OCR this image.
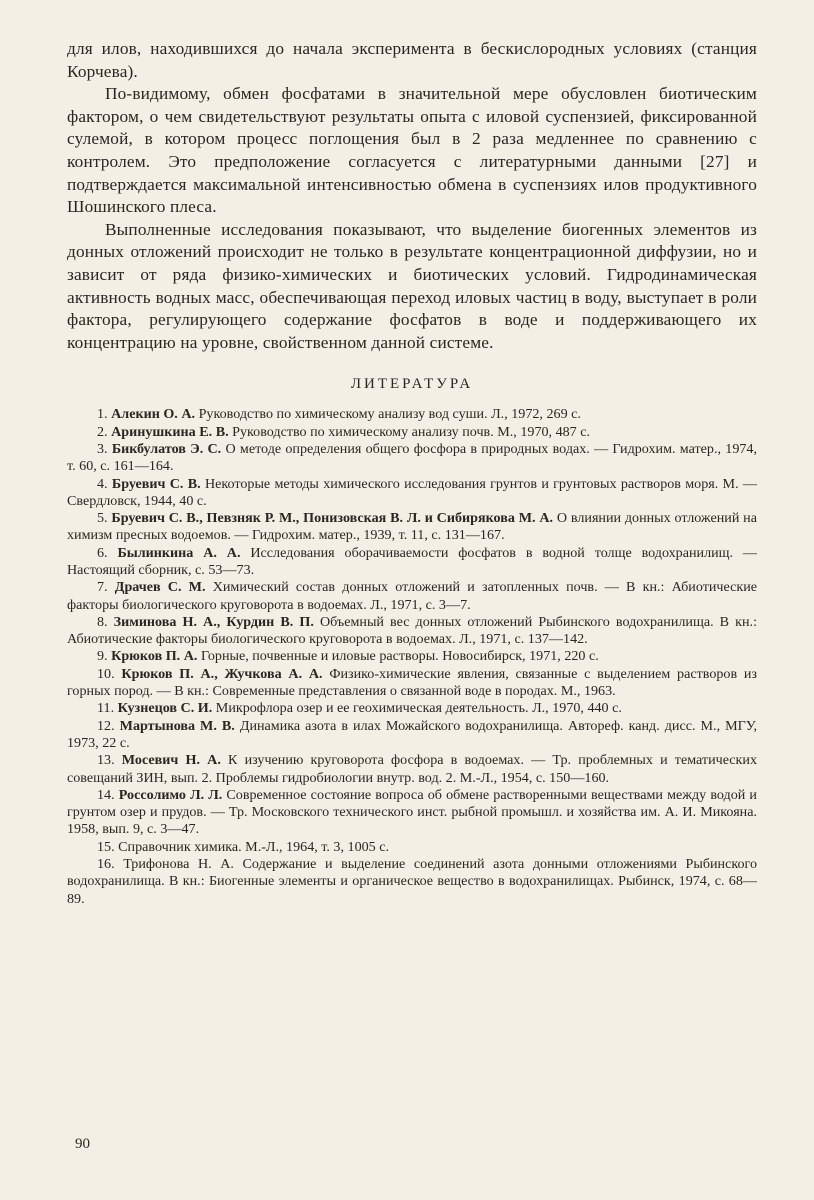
для илов, находившихся до начала эксперимента в бескислородных условиях (станция Корчева).

По-видимому, обмен фосфатами в значительной мере обусловлен биотическим фактором, о чем свидетельствуют результаты опыта с иловой суспензией, фиксированной сулемой, в котором процесс поглощения был в 2 раза медленнее по сравнению с контролем. Это предположение согласуется с литературными данными [27] и подтверждается максимальной интенсивностью обмена в суспензиях илов продуктивного Шошинского плеса.

Выполненные исследования показывают, что выделение биогенных элементов из донных отложений происходит не только в результате концентрационной диффузии, но и зависит от ряда физико-химических и биотических условий. Гидродинамическая активность водных масс, обеспечивающая переход иловых частиц в воду, выступает в роли фактора, регулирующего содержание фосфатов в воде и поддерживающего их концентрацию на уровне, свойственном данной системе.

ЛИТЕРАТУРА

1. Алекин О. А. Руководство по химическому анализу вод суши. Л., 1972, 269 с.

2. Аринушкина Е. В. Руководство по химическому анализу почв. М., 1970, 487 с.

3. Бикбулатов Э. С. О методе определения общего фосфора в природных водах. — Гидрохим. матер., 1974, т. 60, с. 161—164.

4. Бруевич С. В. Некоторые методы химического исследования грунтов и грунтовых растворов моря. М. — Свердловск, 1944, 40 с.

5. Бруевич С. В., Певзняк Р. М., Понизовская В. Л. и Сибирякова М. А. О влиянии донных отложений на химизм пресных водоемов. — Гидрохим. матер., 1939, т. 11, с. 131—167.

6. Былинкина А. А. Исследования оборачиваемости фосфатов в водной толще водохранилищ. — Настоящий сборник, с. 53—73.

7. Драчев С. М. Химический состав донных отложений и затопленных почв. — В кн.: Абиотические факторы биологического круговорота в водоемах. Л., 1971, с. 3—7.

8. Зиминова Н. А., Курдин В. П. Объемный вес донных отложений Рыбинского водохранилища. В кн.: Абиотические факторы биологического круговорота в водоемах. Л., 1971, с. 137—142.

9. Крюков П. А. Горные, почвенные и иловые растворы. Новосибирск, 1971, 220 с.

10. Крюков П. А., Жучкова А. А. Физико-химические явления, связанные с выделением растворов из горных пород. — В кн.: Современные представления о связанной воде в породах. М., 1963.

11. Кузнецов С. И. Микрофлора озер и ее геохимическая деятельность. Л., 1970, 440 с.

12. Мартынова М. В. Динамика азота в илах Можайского водохранилища. Автореф. канд. дисс. М., МГУ, 1973, 22 с.

13. Мосевич Н. А. К изучению круговорота фосфора в водоемах. — Тр. проблемных и тематических совещаний ЗИН, вып. 2. Проблемы гидробиологии внутр. вод. 2. М.-Л., 1954, с. 150—160.

14. Россолимо Л. Л. Современное состояние вопроса об обмене растворенными веществами между водой и грунтом озер и прудов. — Тр. Московского технического инст. рыбной промышл. и хозяйства им. А. И. Микояна. 1958, вып. 9, с. 3—47.

15. Справочник химика. М.-Л., 1964, т. 3, 1005 с.

16. Трифонова Н. А. Содержание и выделение соединений азота донными отложениями Рыбинского водохранилища. В кн.: Биогенные элементы и органическое вещество в водохранилищах. Рыбинск, 1974, с. 68—89.

90
